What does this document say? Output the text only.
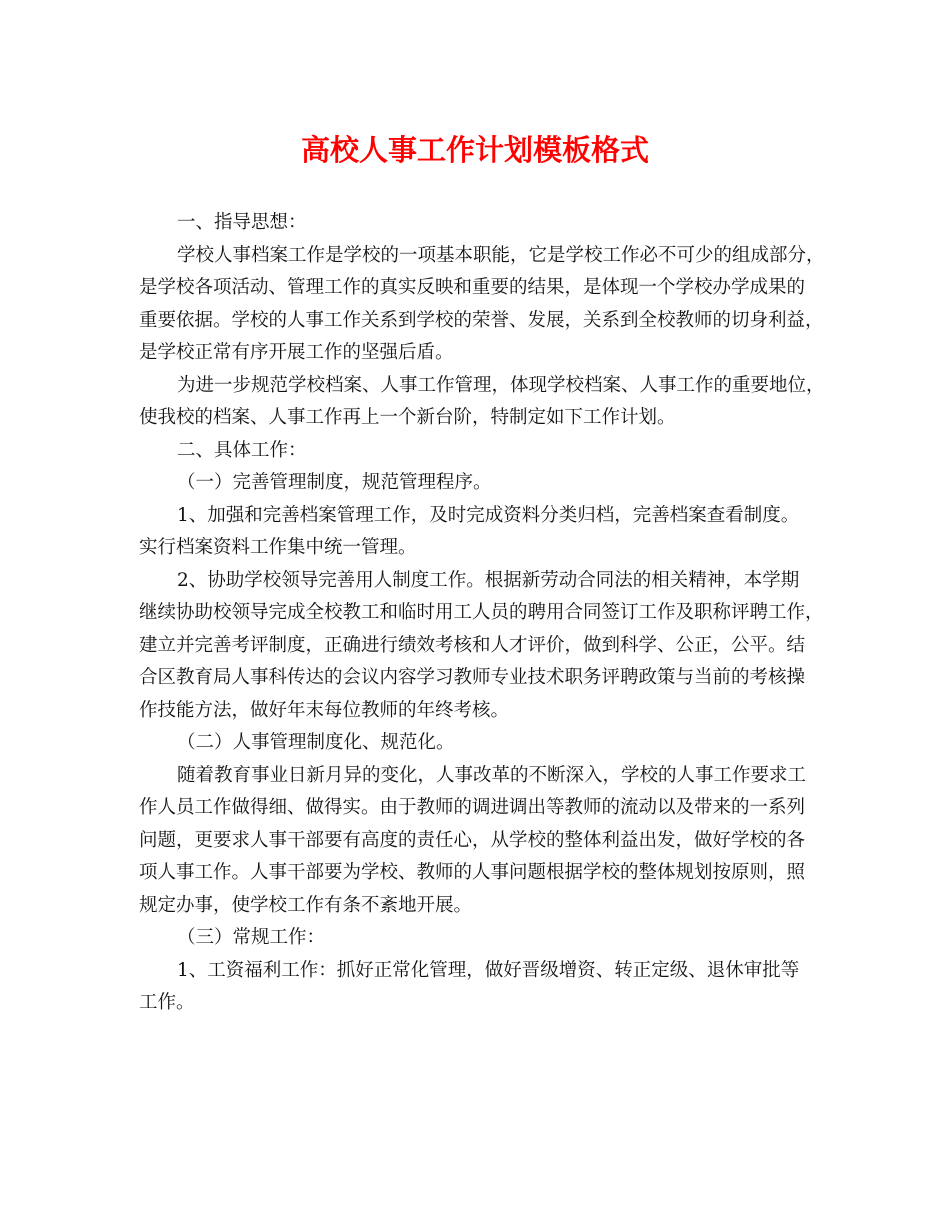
高校人事工作计划模板格式
一、指导思想：
学校人事档案工作是学校的一项基本职能，它是学校工作必不可少的组成部分，
是学校各项活动、管理工作的真实反映和重要的结果，是体现一个学校办学成果的
重要依据。学校的人事工作关系到学校的荣誉、发展，关系到全校教师的切身利益，
是学校正常有序开展工作的坚强后盾。
为进一步规范学校档案、人事工作管理，体现学校档案、人事工作的重要地位，
使我校的档案、人事工作再上一个新台阶，特制定如下工作计划。
二、具体工作：
（一）完善管理制度，规范管理程序。
1、加强和完善档案管理工作，及时完成资料分类归档，完善档案查看制度。
实行档案资料工作集中统一管理。
2、协助学校领导完善用人制度工作。根据新劳动合同法的相关精神，本学期
继续协助校领导完成全校教工和临时用工人员的聘用合同签订工作及职称评聘工作，
建立并完善考评制度，正确进行绩效考核和人才评价，做到科学、公正，公平。结
合区教育局人事科传达的会议内容学习教师专业技术职务评聘政策与当前的考核操
作技能方法，做好年末每位教师的年终考核。
（二）人事管理制度化、规范化。
随着教育事业日新月异的变化，人事改革的不断深入，学校的人事工作要求工
作人员工作做得细、做得实。由于教师的调进调出等教师的流动以及带来的一系列
问题，更要求人事干部要有高度的责任心，从学校的整体利益出发，做好学校的各
项人事工作。人事干部要为学校、教师的人事问题根据学校的整体规划按原则，照
规定办事，使学校工作有条不紊地开展。
（三）常规工作：
1、工资福利工作：抓好正常化管理，做好晋级增资、转正定级、退休审批等
工作。
